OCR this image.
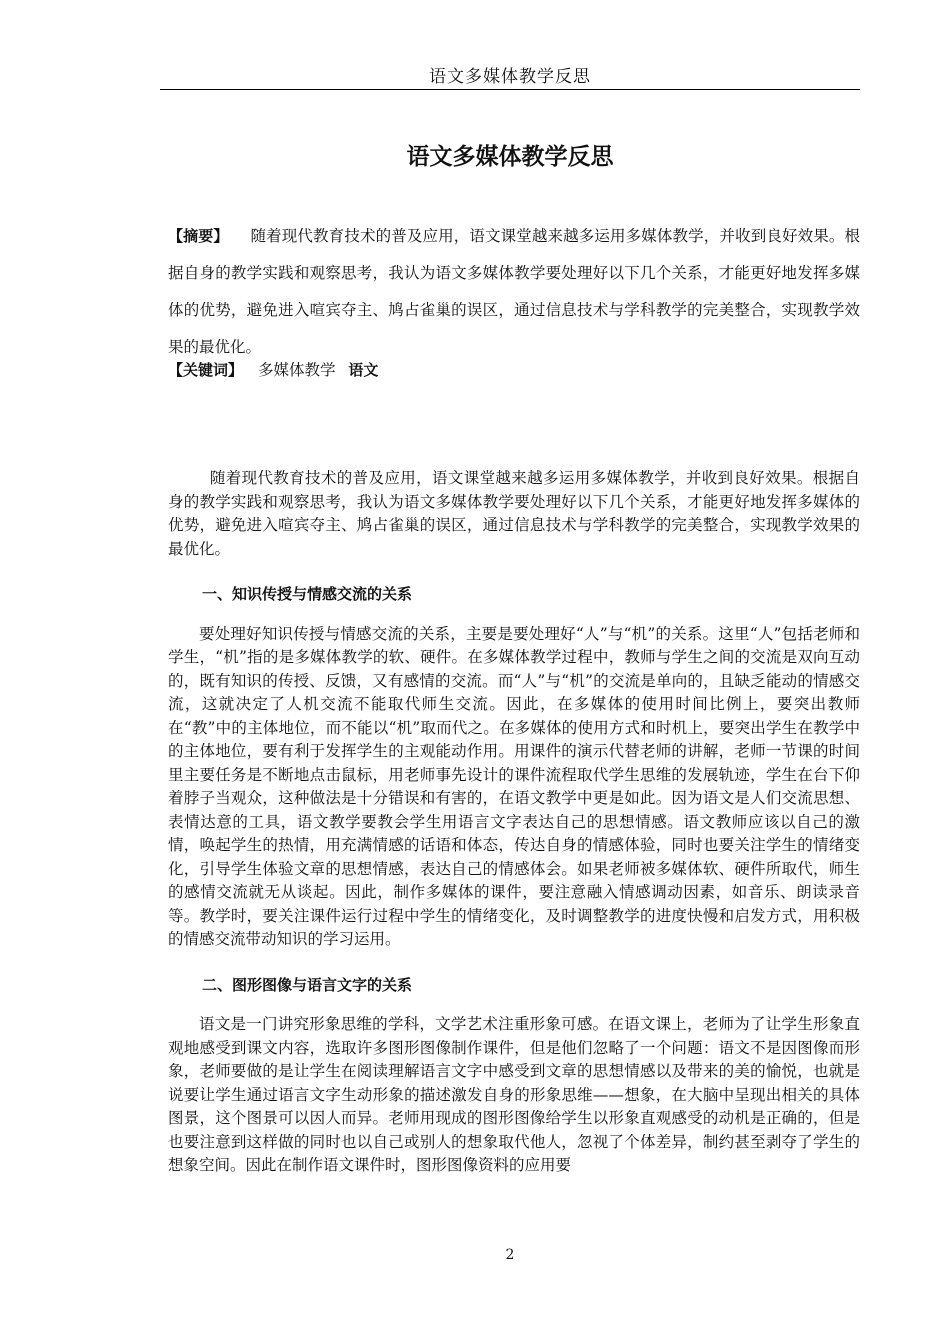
语文多媒体教学反思
语文多媒体教学反思
【摘要】 随着现代教育技术的普及应用，语文课堂越来越多运用多媒体教学，并收到良好效果。根据自身的教学实践和观察思考，我认为语文多媒体教学要处理好以下几个关系，才能更好地发挥多媒体的优势，避免进入喧宾夺主、鸠占雀巢的误区，通过信息技术与学科教学的完美整合，实现教学效果的最优化。
【关键词】 多媒体教学 语文

随着现代教育技术的普及应用，语文课堂越来越多运用多媒体教学，并收到良好效果。根据自身的教学实践和观察思考，我认为语文多媒体教学要处理好以下几个关系，才能更好地发挥多媒体的优势，避免进入喧宾夺主、鸠占雀巢的误区，通过信息技术与学科教学的完美整合，实现教学效果的最优化。

一、知识传授与情感交流的关系

要处理好知识传授与情感交流的关系，主要是要处理好“人”与“机”的关系。这里“人”包括老师和学生，“机”指的是多媒体教学的软、硬件。在多媒体教学过程中，教师与学生之间的交流是双向互动的，既有知识的传授、反馈，又有感情的交流。而“人”与“机”的交流是单向的，且缺乏能动的情感交流，这就决定了人机交流不能取代师生交流。因此，在多媒体的使用时间比例上，要突出教师在“教”中的主体地位，而不能以“机”取而代之。在多媒体的使用方式和时机上，要突出学生在教学中的主体地位，要有利于发挥学生的主观能动作用。用课件的演示代替老师的讲解，老师一节课的时间里主要任务是不断地点击鼠标，用老师事先设计的课件流程取代学生思维的发展轨迹，学生在台下仰着脖子当观众，这种做法是十分错误和有害的，在语文教学中更是如此。因为语文是人们交流思想、表情达意的工具，语文教学要教会学生用语言文字表达自己的思想情感。语文教师应该以自己的激情，唤起学生的热情，用充满情感的话语和体态，传达自身的情感体验，同时也要关注学生的情绪变化，引导学生体验文章的思想情感，表达自己的情感体会。如果老师被多媒体软、硬件所取代，师生的感情交流就无从谈起。因此，制作多媒体的课件，要注意融入情感调动因素，如音乐、朗读录音等。教学时，要关注课件运行过程中学生的情绪变化，及时调整教学的进度快慢和启发方式，用积极的情感交流带动知识的学习运用。

二、图形图像与语言文字的关系

语文是一门讲究形象思维的学科，文学艺术注重形象可感。在语文课上，老师为了让学生形象直观地感受到课文内容，选取许多图形图像制作课件，但是他们忽略了一个问题：语文不是因图像而形象，老师要做的是让学生在阅读理解语言文字中感受到文章的思想情感以及带来的美的愉悦，也就是说要让学生通过语言文字生动形象的描述激发自身的形象思维——想象，在大脑中呈现出相关的具体图景，这个图景可以因人而异。老师用现成的图形图像给学生以形象直观感受的动机是正确的，但是也要注意到这样做的同时也以自己或别人的想象取代他人，忽视了个体差异，制约甚至剥夺了学生的想象空间。因此在制作语文课件时，图形图像资料的应用要

2
